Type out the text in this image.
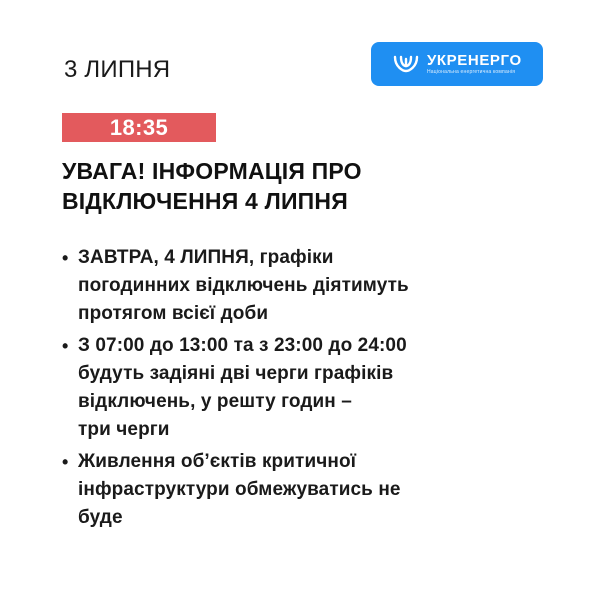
3 ЛИПНЯ	УКРЕНЕРГО
Національна енергетична компанія
18:35
УВАГА! ІНФОРМАЦІЯ ПРО
ВІДКЛЮЧЕННЯ 4 ЛИПНЯ
• ЗАВТРА, 4 ЛИПНЯ, графіки
погодинних відключень діятимуть
протягом всієї доби
• З 07:00 до 13:00 та з 23:00 до 24:00
будуть задіяні дві черги графіків
відключень, у решту годин –
три черги
• Живлення об’єктів критичної
інфраструктури обмежуватись не
буде
